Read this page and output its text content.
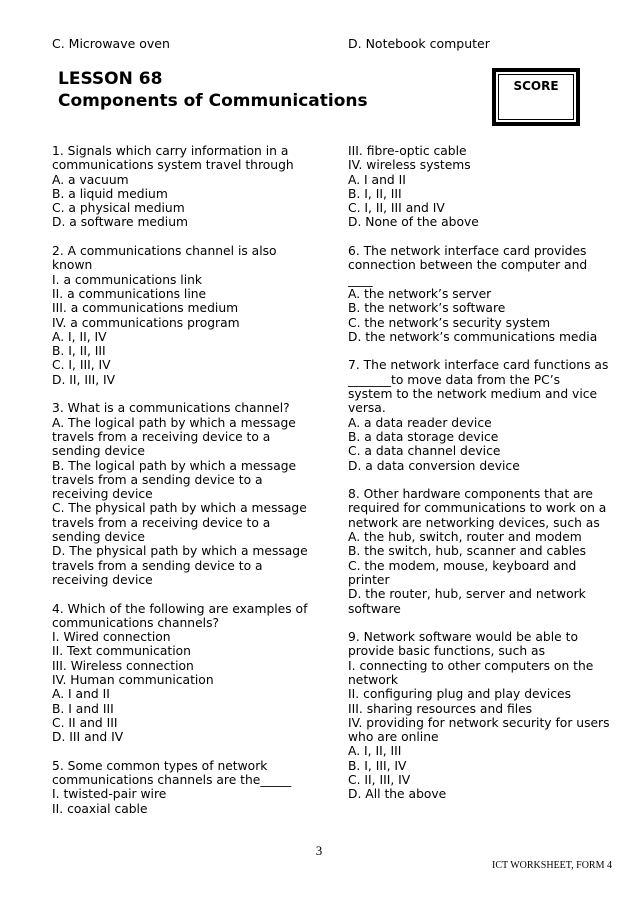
C. Microwave oven	D. Notebook computer
LESSON 68
Components of Communications
SCORE
1. Signals which carry information in a
communications system travel through
A. a vacuum
B. a liquid medium
C. a physical medium
D. a software medium
2. A communications channel is also
known
I. a communications link
II. a communications line
III. a communications medium
IV. a communications program
A. I, II, IV
B. I, II, III
C. I, III, IV
D. II, III, IV
3. What is a communications channel?
A. The logical path by which a message
travels from a receiving device to a
sending device
B. The logical path by which a message
travels from a sending device to a
receiving device
C. The physical path by which a message
travels from a receiving device to a
sending device
D. The physical path by which a message
travels from a sending device to a
receiving device
4. Which of the following are examples of
communications channels?
I. Wired connection
II. Text communication
III. Wireless connection
IV. Human communication
A. I and II
B. I and III
C. II and III
D. III and IV
5. Some common types of network
communications channels are the_____
I. twisted-pair wire
II. coaxial cable
III. fibre-optic cable
IV. wireless systems
A. I and II
B. I, II, III
C. I, II, III and IV
D. None of the above
6. The network interface card provides
connection between the computer and
____
A. the network’s server
B. the network’s software
C. the network’s security system
D. the network’s communications media
7. The network interface card functions as
_______to move data from the PC’s
system to the network medium and vice
versa.
A. a data reader device
B. a data storage device
C. a data channel device
D. a data conversion device
8. Other hardware components that are
required for communications to work on a
network are networking devices, such as
A. the hub, switch, router and modem
B. the switch, hub, scanner and cables
C. the modem, mouse, keyboard and
printer
D. the router, hub, server and network
software
9. Network software would be able to
provide basic functions, such as
I. connecting to other computers on the
network
II. configuring plug and play devices
III. sharing resources and files
IV. providing for network security for users
who are online
A. I, II, III
B. I, III, IV
C. II, III, IV
D. All the above
3
ICT WORKSHEET, FORM 4
